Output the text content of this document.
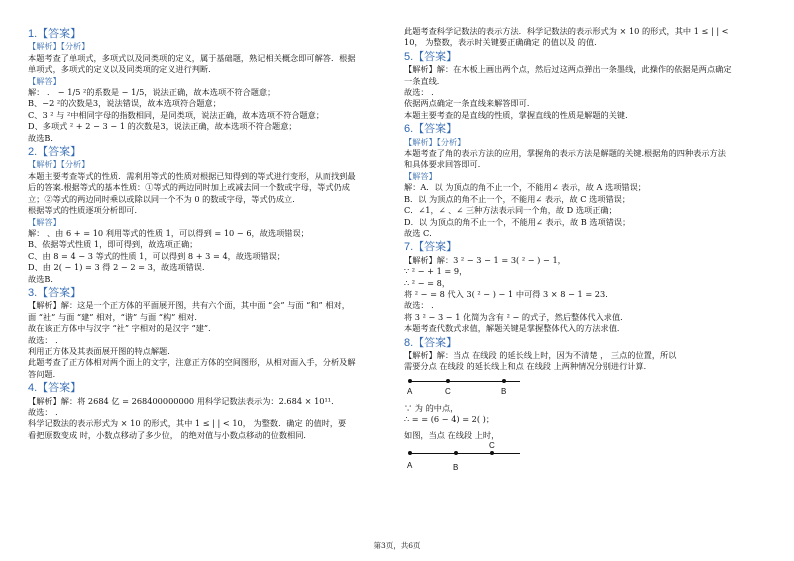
1.【答案】
【解析】【分析】
本题考查了单项式，多项式以及同类项的定义，属于基础题，熟记相关概念即可解答．根据
单项式，多项式的定义以及同类项的定义进行判断．
【解答】
解： ． − 1/5 ²的系数是 − 1/5，说法正确，故本选项不符合题意；
B、−2 ²的次数是3，说法错误，故本选项符合题意；
C、3 ² 与 ²中相同字母的指数相同，是同类项，说法正确，故本选项不符合题意；
D、多项式 ² + 2 − 3 − 1 的次数是3，说法正确，故本选项不符合题意；
故选B．
2.【答案】
【解析】【分析】
本题主要考查等式的性质．需利用等式的性质对根据已知得到的等式进行变形，从而找到最
后的答案.根据等式的基本性质：①等式的两边同时加上或减去同一个数或字母，等式仍成
立；②等式的两边同时乘以或除以同一个不为 0 的数或字母，等式仍成立．
根据等式的性质逐项分析即可．
【解答】
解： 、由 6 + = 10 利用等式的性质 1，可以得到 = 10 − 6，故选项错误；
B、依据等式性质 1，即可得到，故选项正确；
C、由 8 = 4 − 3 等式的性质 1，可以得到 8 + 3 = 4，故选项错误；
D、由 2( − 1) = 3 得 2 − 2 = 3，故选项错误．
故选B．
3.【答案】
【解析】解：这是一个正方体的平面展开图，共有六个面，其中面 “会” 与面 “和” 相对，
面 “社” 与面 “建” 相对，“谐” 与面 “构” 相对．
故在该正方体中与汉字 “社” 字相对的是汉字 “建”．
故选： ．
利用正方体及其表面展开图的特点解题．
此题考查了正方体相对两个面上的文字，注意正方体的空间图形，从相对面入手，分析及解
答问题．
4.【答案】
【解析】解：将 2684 亿 = 268400000000 用科学记数法表示为：2.684 × 10¹¹．
故选： ．
科学记数法的表示形式为 × 10 的形式，其中 1 ≤ | | < 10， 为整数．确定 的值时，要
看把原数变成 时，小数点移动了多少位， 的绝对值与小数点移动的位数相同．
此题考查科学记数法的表示方法．科学记数法的表示形式为 × 10 的形式，其中 1 ≤ | | <
10， 为整数，表示时关键要正确确定 的值以及 的值．
5.【答案】
【解析】解：在木板上画出两个点，然后过这两点弹出一条墨线，此操作的依据是两点确定
一条直线．
故选： ．
依据两点确定一条直线来解答即可．
本题主要考查的是直线的性质，掌握直线的性质是解题的关键．
6.【答案】
【解析】【分析】
本题考查了角的表示方法的应用，掌握角的表示方法是解题的关键.根据角的四种表示方法
和具体要求回答即可．
【解答】
解：A．以 为顶点的角不止一个，不能用∠ 表示，故 A 选项错误；
B．以 为顶点的角不止一个，不能用∠ 表示，故 C 选项错误；
C．∠1，∠ 、∠ 三种方法表示同一个角，故 D 选项正确；
D．以 为顶点的角不止一个，不能用∠ 表示，故 B 选项错误；
故选 C．
7.【答案】
【解析】解：3 ² − 3 − 1 = 3( ² − ) − 1，
∵ ² − + 1 = 9，
∴ ² − = 8，
将 ² − = 8 代入 3( ² − ) − 1 中可得 3 × 8 − 1 = 23．
故选： ．
将 3 ² − 3 − 1 化简为含有 ² − 的式子，然后整体代入求值．
本题考查代数式求值，解题关键是掌握整体代入的方法求值．
8.【答案】
【解析】解：当点 在线段 的延长线上时，因为不清楚 ， 三点的位置，所以
需要分点 在线段 的延长线上和点 在线段 上两种情况分别进行计算．
A	C	B
∵ 为 的中点，
∴ = = (6 − 4) = 2( )；
如图，当点 在线段 上时，
A	B
C
第3页，共6页
